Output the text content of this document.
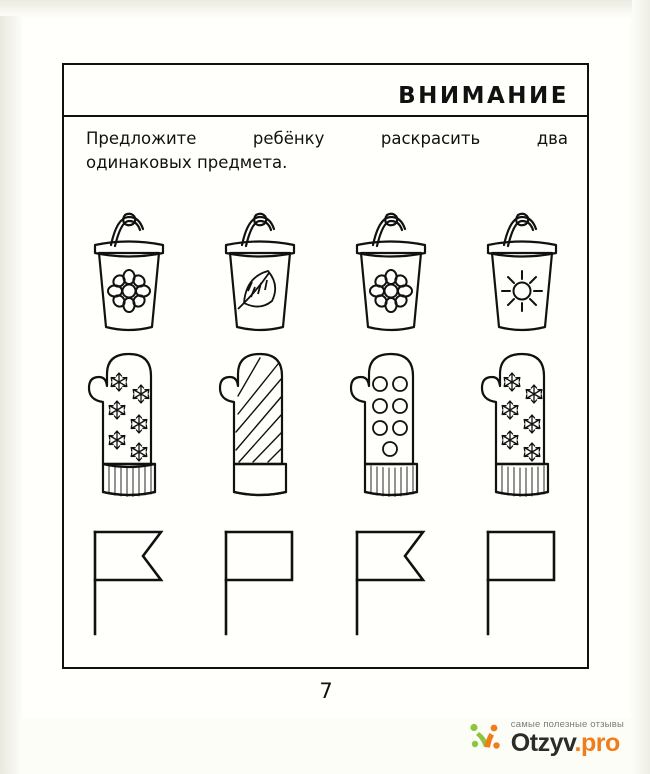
ВНИМАНИЕ
Предложите ребёнку раскрасить два
одинаковых предмета.
7
самые полезные отзывы
Otzyv.pro
